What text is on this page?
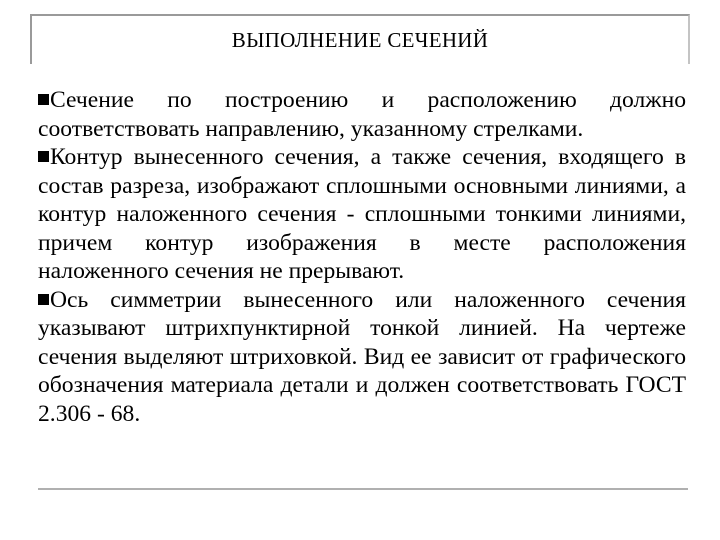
ВЫПОЛНЕНИЕ СЕЧЕНИЙ

Сечение по построению и расположению должно соответствовать направлению, указанному стрелками.

Контур вынесенного сечения, а также сечения, входящего в состав разреза, изображают сплошными основными линиями, а контур наложенного сечения - сплошными тонкими линиями, причем контур изображения в месте расположения наложенного сечения не прерывают.

Ось симметрии вынесенного или наложенного сечения указывают штрихпунктирной тонкой линией. На чертеже сечения выделяют штриховкой. Вид ее зависит от графического обозначения материала детали и должен соответствовать ГОСТ 2.306 - 68.
